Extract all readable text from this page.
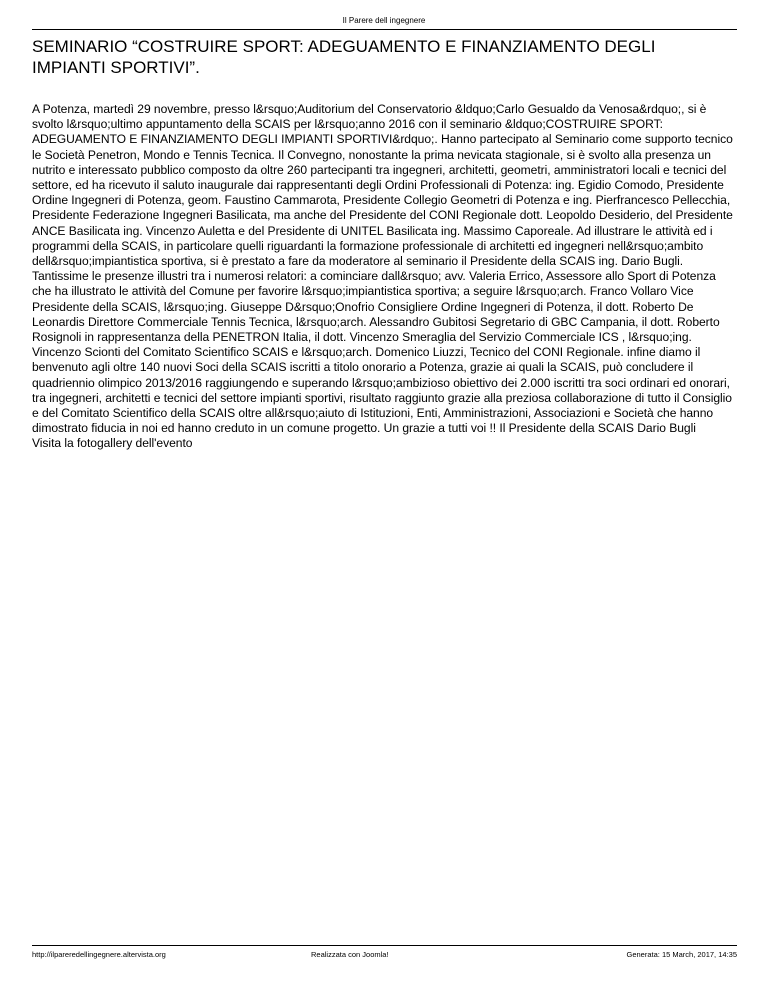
Il Parere dell ingegnere
SEMINARIO “COSTRUIRE SPORT: ADEGUAMENTO E FINANZIAMENTO DEGLI IMPIANTI SPORTIVI”.

A Potenza, martedì 29 novembre, presso l&rsquo;Auditorium del Conservatorio &ldquo;Carlo Gesualdo da Venosa&rdquo;, si è svolto l&rsquo;ultimo appuntamento della SCAIS per l&rsquo;anno 2016 con il seminario &ldquo;COSTRUIRE SPORT: ADEGUAMENTO E FINANZIAMENTO DEGLI IMPIANTI SPORTIVI&rdquo;. Hanno partecipato al Seminario come supporto tecnico le Società Penetron, Mondo e Tennis Tecnica. Il Convegno, nonostante la prima nevicata stagionale, si è svolto alla presenza un nutrito e interessato pubblico composto da oltre 260 partecipanti tra ingegneri, architetti, geometri, amministratori locali e tecnici del settore, ed ha ricevuto il saluto inaugurale dai rappresentanti degli Ordini Professionali di Potenza: ing. Egidio Comodo, Presidente Ordine Ingegneri di Potenza, geom. Faustino Cammarota, Presidente Collegio Geometri di Potenza e ing. Pierfrancesco Pellecchia, Presidente Federazione Ingegneri Basilicata, ma anche del Presidente del CONI Regionale dott. Leopoldo Desiderio, del Presidente ANCE Basilicata ing. Vincenzo Auletta e del Presidente di UNITEL Basilicata ing. Massimo Caporeale. Ad illustrare le attività ed i programmi della SCAIS, in particolare quelli riguardanti la formazione professionale di architetti ed ingegneri nell&rsquo;ambito dell&rsquo;impiantistica sportiva, si è prestato a fare da moderatore al seminario il Presidente della SCAIS ing. Dario Bugli. Tantissime le presenze illustri tra i numerosi relatori: a cominciare dall&rsquo; avv. Valeria Errico, Assessore allo Sport di Potenza che ha illustrato le attività del Comune per favorire l&rsquo;impiantistica sportiva; a seguire l&rsquo;arch. Franco Vollaro Vice Presidente della SCAIS, l&rsquo;ing. Giuseppe D&rsquo;Onofrio Consigliere Ordine Ingegneri di Potenza, il dott. Roberto De Leonardis Direttore Commerciale Tennis Tecnica, l&rsquo;arch. Alessandro Gubitosi Segretario di GBC Campania, il dott. Roberto Rosignoli in rappresentanza della PENETRON Italia, il dott. Vincenzo Smeraglia del Servizio Commerciale ICS , l&rsquo;ing. Vincenzo Scionti del Comitato Scientifico SCAIS e l&rsquo;arch. Domenico Liuzzi, Tecnico del CONI Regionale. infine diamo il benvenuto agli oltre 140 nuovi Soci della SCAIS iscritti a titolo onorario a Potenza, grazie ai quali la SCAIS, può concludere il quadriennio olimpico 2013/2016 raggiungendo e superando l&rsquo;ambizioso obiettivo dei 2.000 iscritti tra soci ordinari ed onorari, tra ingegneri, architetti e tecnici del settore impianti sportivi, risultato raggiunto grazie alla preziosa collaborazione di tutto il Consiglio e del Comitato Scientifico della SCAIS oltre all&rsquo;aiuto di Istituzioni, Enti, Amministrazioni, Associazioni e Società che hanno dimostrato fiducia in noi ed hanno creduto in un comune progetto. Un grazie a tutti voi !! Il Presidente della SCAIS Dario Bugli

Visita la fotogallery dell'evento

http://ilpareredellingegnere.altervista.org	Realizzata con Joomla!	Generata: 15 March, 2017, 14:35
